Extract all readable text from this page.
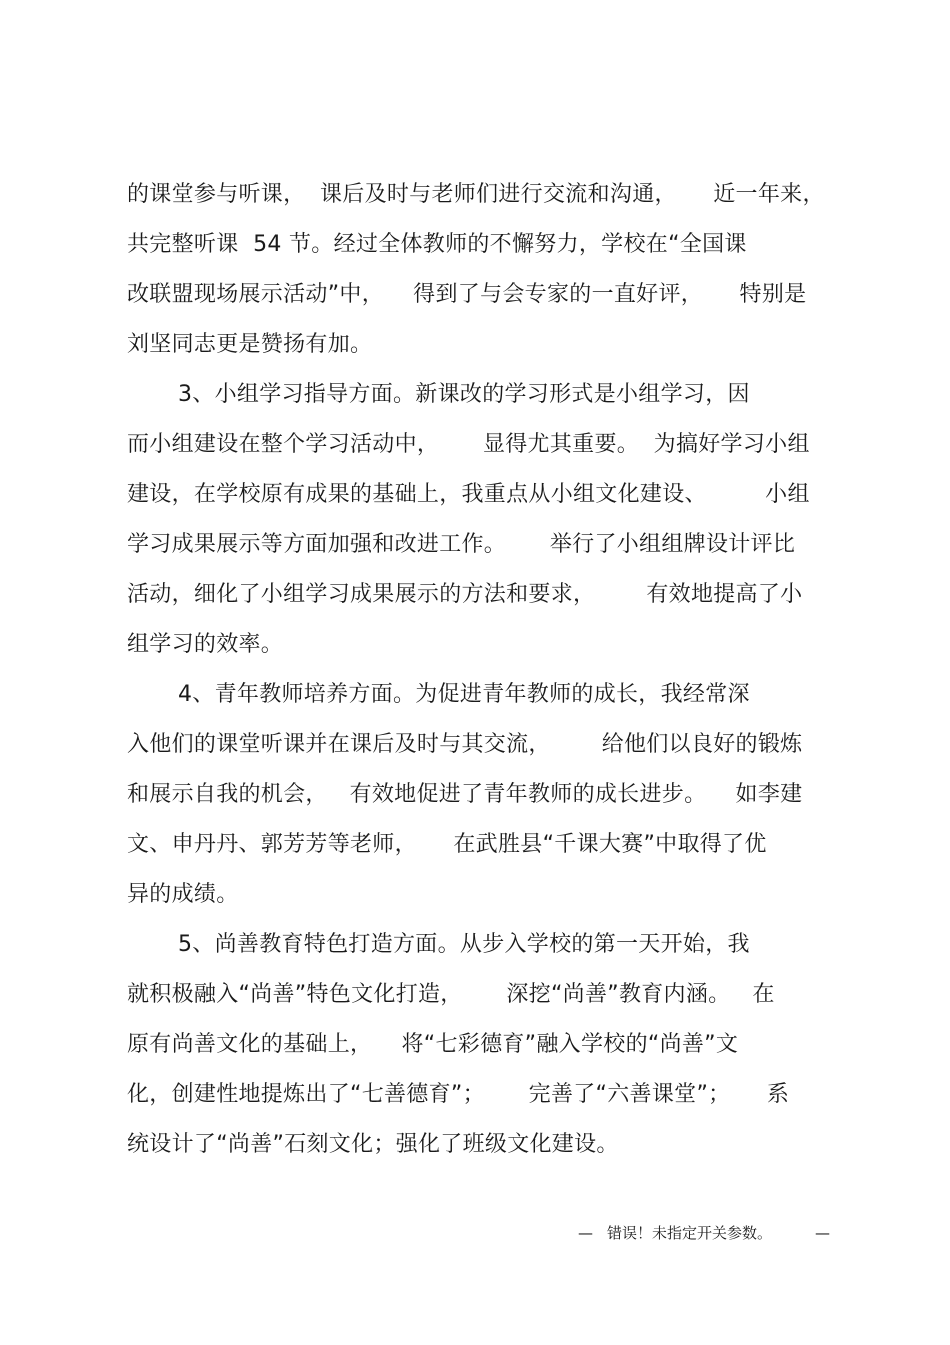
的课堂参与听课，  课后及时与老师们进行交流和沟通，     近一年来，
共完整听课  54 节。经过全体教师的不懈努力，学校在“全国课
改联盟现场展示活动”中，    得到了与会专家的一直好评，     特别是
刘坚同志更是赞扬有加。
3、小组学习指导方面。新课改的学习形式是小组学习，因
而小组建设在整个学习活动中，      显得尤其重要。  为搞好学习小组
建设，在学校原有成果的基础上，我重点从小组文化建设、        小组
学习成果展示等方面加强和改进工作。      举行了小组组牌设计评比
活动，细化了小组学习成果展示的方法和要求，       有效地提高了小
组学习的效率。
4、青年教师培养方面。为促进青年教师的成长，我经常深
入他们的课堂听课并在课后及时与其交流，       给他们以良好的锻炼
和展示自我的机会，   有效地促进了青年教师的成长进步。    如李建
文、申丹丹、郭芳芳等老师，     在武胜县“千课大赛”中取得了优
异的成绩。
5、尚善教育特色打造方面。从步入学校的第一天开始，我
就积极融入“尚善”特色文化打造，      深挖“尚善”教育内涵。   在
原有尚善文化的基础上，    将“七彩德育”融入学校的“尚善”文
化，创建性地提炼出了“七善德育”；      完善了“六善课堂”；     系
统设计了“尚善”石刻文化；强化了班级文化建设。
— 错误！未指定开关参数。	—
